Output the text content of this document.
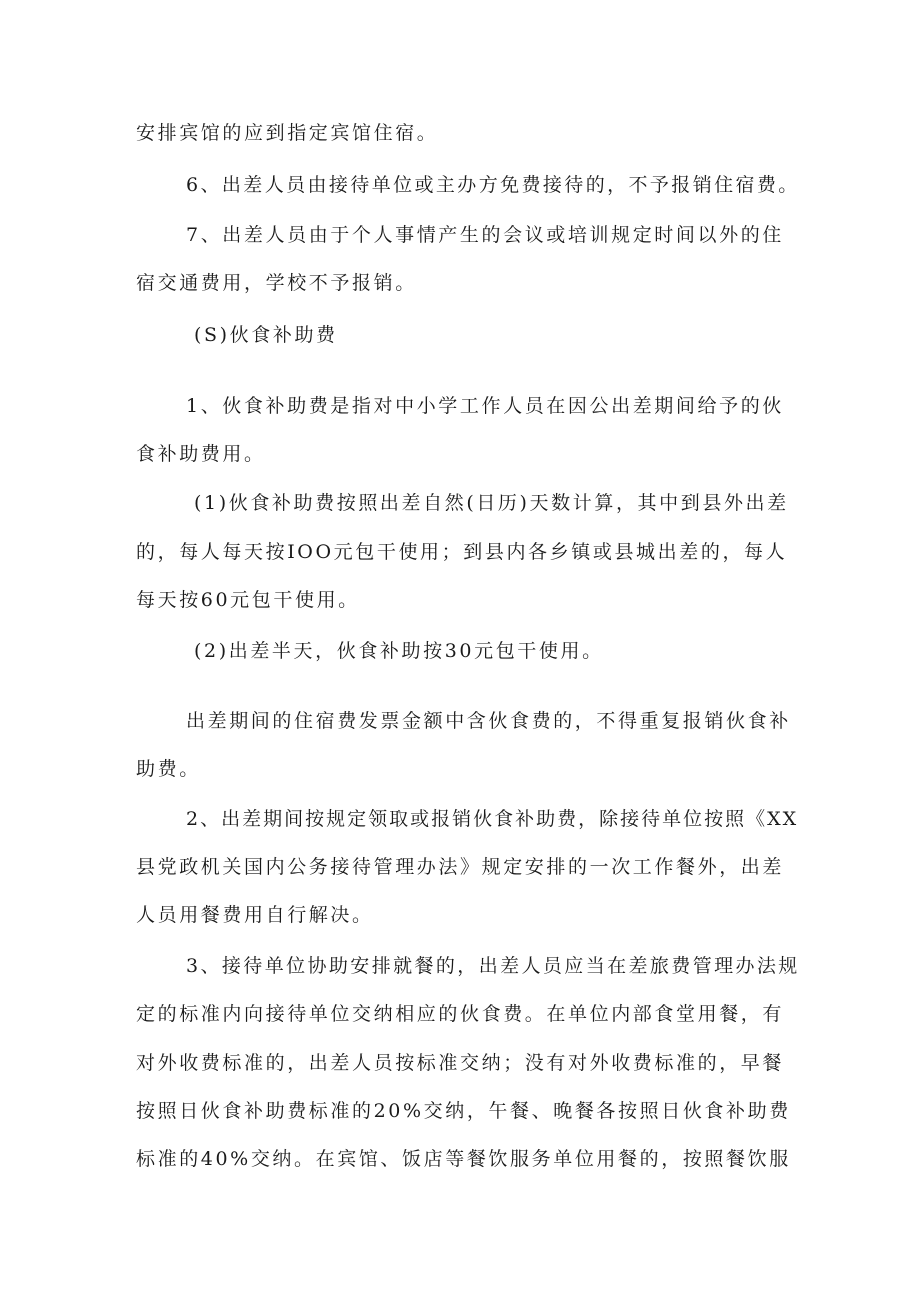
安排宾馆的应到指定宾馆住宿。
6、出差人员由接待单位或主办方免费接待的，不予报销住宿费。
7、出差人员由于个人事情产生的会议或培训规定时间以外的住
宿交通费用，学校不予报销。
(S)伙食补助费
1、伙食补助费是指对中小学工作人员在因公出差期间给予的伙
食补助费用。
(1)伙食补助费按照出差自然(日历)天数计算，其中到县外出差
的，每人每天按IOO元包干使用；到县内各乡镇或县城出差的，每人
每天按60元包干使用。
(2)出差半天，伙食补助按30元包干使用。
出差期间的住宿费发票金额中含伙食费的，不得重复报销伙食补
助费。
2、出差期间按规定领取或报销伙食补助费，除接待单位按照《XX
县党政机关国内公务接待管理办法》规定安排的一次工作餐外，出差
人员用餐费用自行解决。
3、接待单位协助安排就餐的，出差人员应当在差旅费管理办法规
定的标准内向接待单位交纳相应的伙食费。在单位内部食堂用餐，有
对外收费标准的，出差人员按标准交纳；没有对外收费标准的，早餐
按照日伙食补助费标准的20%交纳，午餐、晚餐各按照日伙食补助费
标准的40%交纳。在宾馆、饭店等餐饮服务单位用餐的，按照餐饮服
